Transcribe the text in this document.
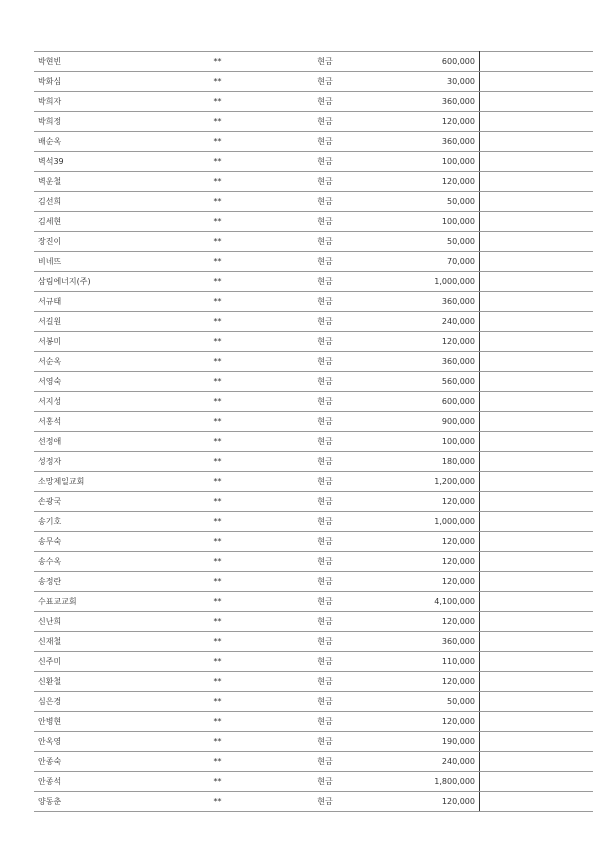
박현빈	**	현금	600,000	
박화심	**	현금	30,000	
박희자	**	현금	360,000	
박희정	**	현금	120,000	
배순옥	**	현금	360,000	
벽석39	**	현금	100,000	
벽운철	**	현금	120,000	
김선희	**	현금	50,000	
김세현	**	현금	100,000	
장진이	**	현금	50,000	
비네뜨	**	현금	70,000	
삼림에너지(주)	**	현금	1,000,000	
서규태	**	현금	360,000	
서길원	**	현금	240,000	
서봉미	**	현금	120,000	
서순옥	**	현금	360,000	
서영숙	**	현금	560,000	
서지성	**	현금	600,000	
서홍석	**	현금	900,000	
선정애	**	현금	100,000	
성정자	**	현금	180,000	
소망제일교회	**	현금	1,200,000	
손광국	**	현금	120,000	
송기호	**	현금	1,000,000	
송무숙	**	현금	120,000	
송수옥	**	현금	120,000	
송정란	**	현금	120,000	
수표교교회	**	현금	4,100,000	
신난희	**	현금	120,000	
신재철	**	현금	360,000	
신주미	**	현금	110,000	
신환철	**	현금	120,000	
심은경	**	현금	50,000	
안병현	**	현금	120,000	
안옥영	**	현금	190,000	
안종숙	**	현금	240,000	
안종석	**	현금	1,800,000	
양동춘	**	현금	120,000	
